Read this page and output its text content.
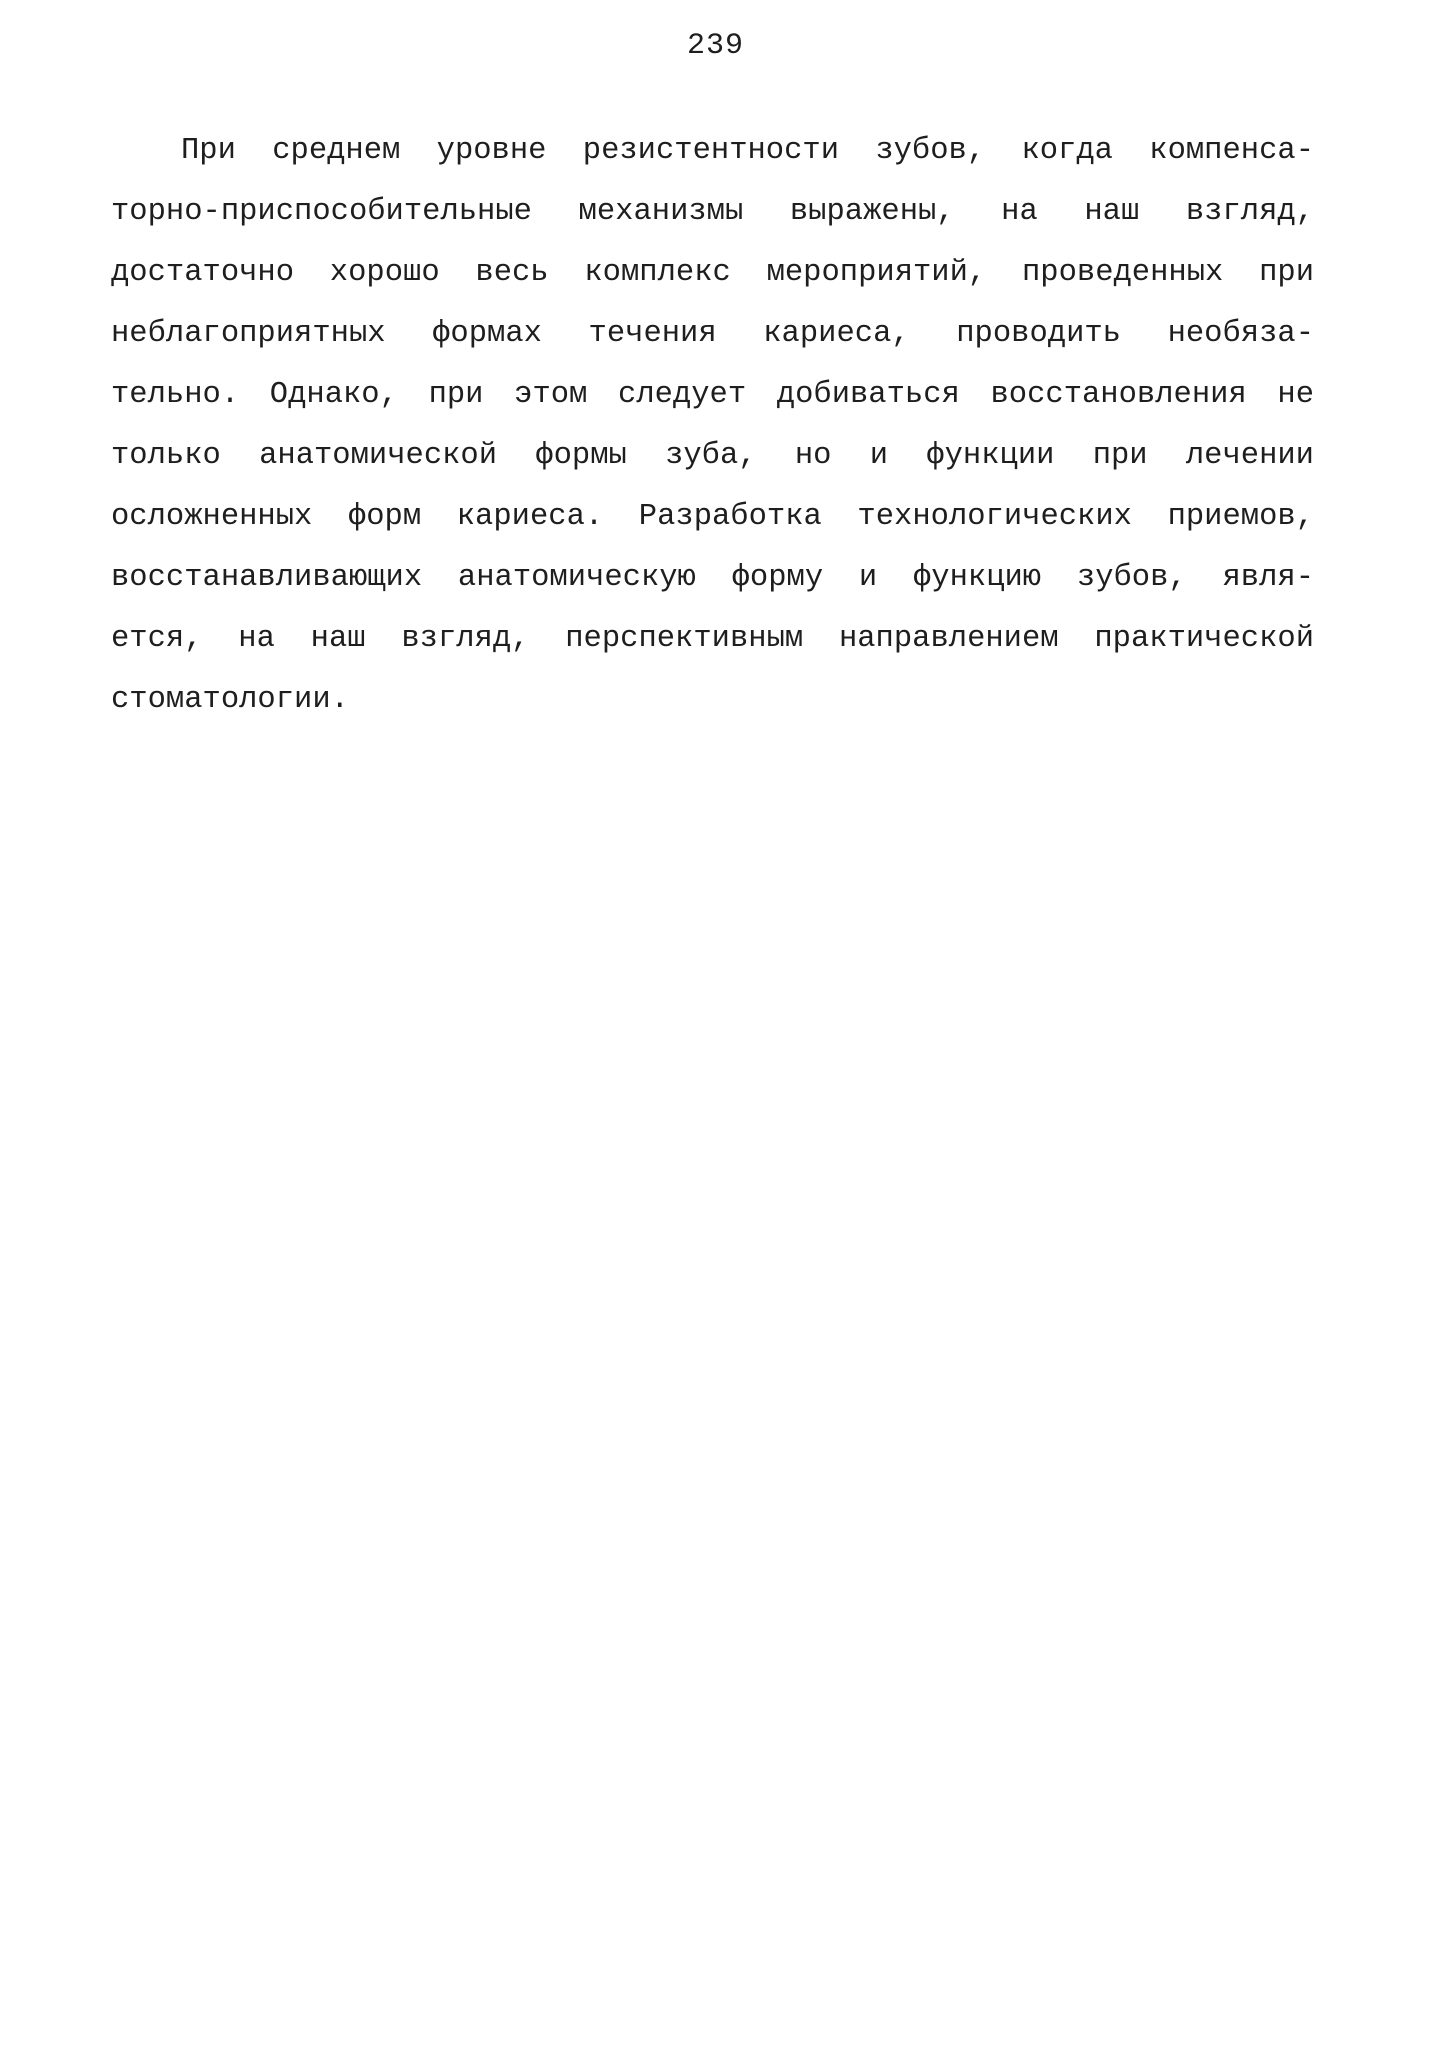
239
При среднем уровне резистентности зубов, когда компенса-
торно-приспособительные механизмы выражены, на наш взгляд,
достаточно хорошо весь комплекс мероприятий, проведенных при
неблагоприятных формах течения кариеса, проводить необяза-
тельно. Однако, при этом следует добиваться восстановления не
только анатомической формы зуба, но и функции при лечении
осложненных форм кариеса. Разработка технологических приемов,
восстанавливающих анатомическую форму и функцию зубов, явля-
ется, на наш взгляд, перспективным направлением практической
стоматологии.
